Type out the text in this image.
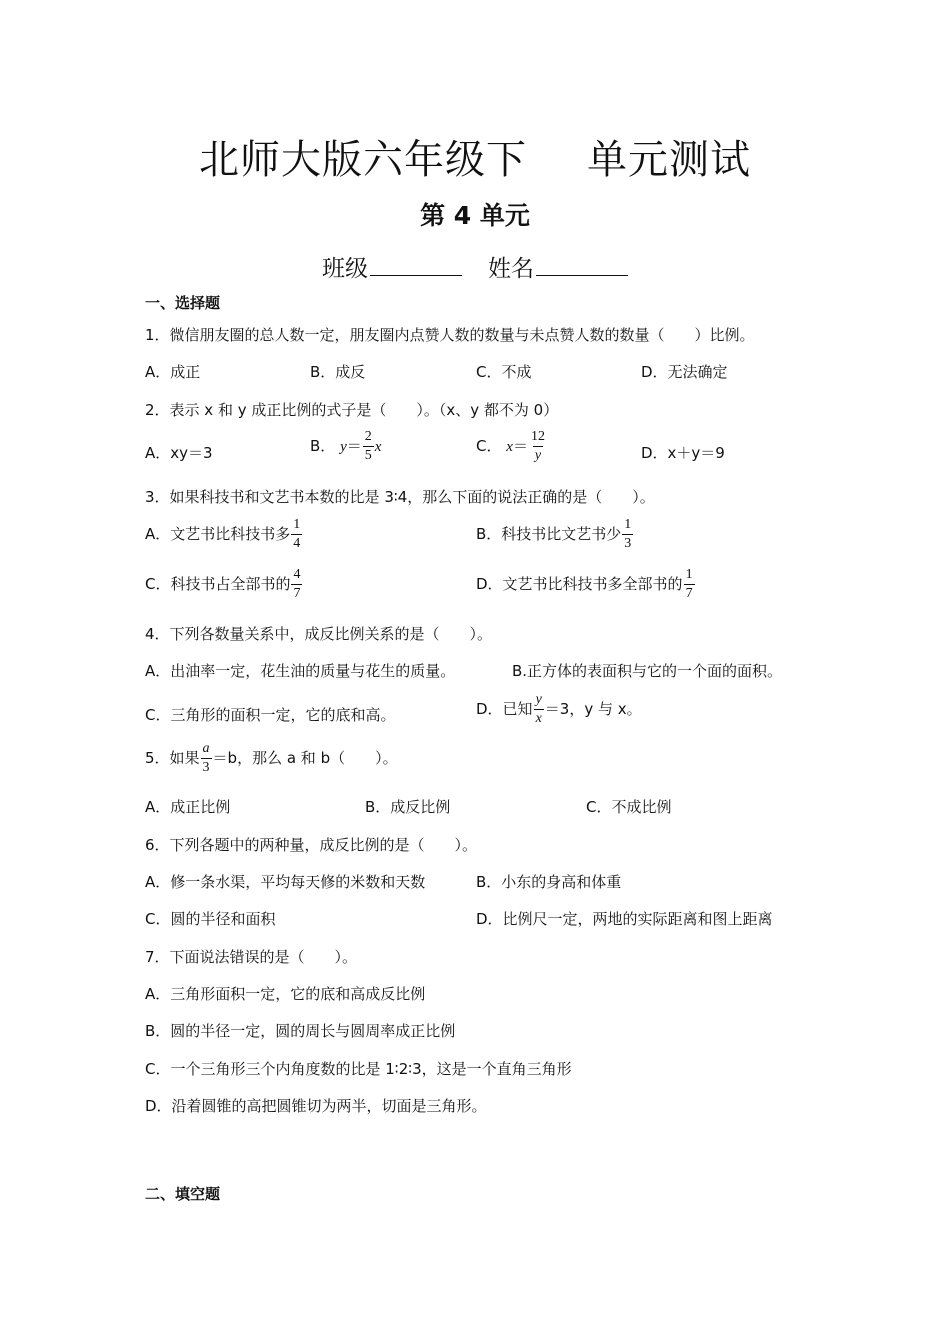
北师大版六年级下 单元测试
第 4 单元
班级	姓名
一、选择题
1．微信朋友圈的总人数一定，朋友圈内点赞人数的数量与未点赞人数的数量（　　）比例。
A．成正	B．成反	C．不成	D．无法确定
2．表示 x 和 y 成正比例的式子是（　　）。（x、y 都不为 0）
A．xy＝3	B． $y= \frac{2}{5}$ x	C． $x= \frac{12}{y}$	D．x＋y＝9
3．如果科技书和文艺书本数的比是 3∶4，那么下面的说法正确的是（　　）。
A．文艺书比科技书多 $\frac{1}{4}$	B．科技书比文艺书少 $\frac{1}{3}$
C．科技书占全部书的 $\frac{4}{7}$	D．文艺书比科技书多全部书的 $\frac{1}{7}$
4．下列各数量关系中，成反比例关系的是（　　）。
A．出油率一定，花生油的质量与花生的质量。	B.正方体的表面积与它的一个面的面积。
C．三角形的面积一定，它的底和高。	D．已知 $\frac{y}{x} =3$，y 与 x。
5．如果 $\frac{a}{3} =b$，那么 a 和 b（　　）。
A．成正比例	B．成反比例	C．不成比例
6．下列各题中的两种量，成反比例的是（　　）。
A．修一条水渠，平均每天修的米数和天数	B．小东的身高和体重
C．圆的半径和面积	D．比例尺一定，两地的实际距离和图上距离
7．下面说法错误的是（　　）。
A．三角形面积一定，它的底和高成反比例
B．圆的半径一定，圆的周长与圆周率成正比例
C．一个三角形三个内角度数的比是 1∶2∶3，这是一个直角三角形
D．沿着圆锥的高把圆锥切为两半，切面是三角形。
二、填空题
